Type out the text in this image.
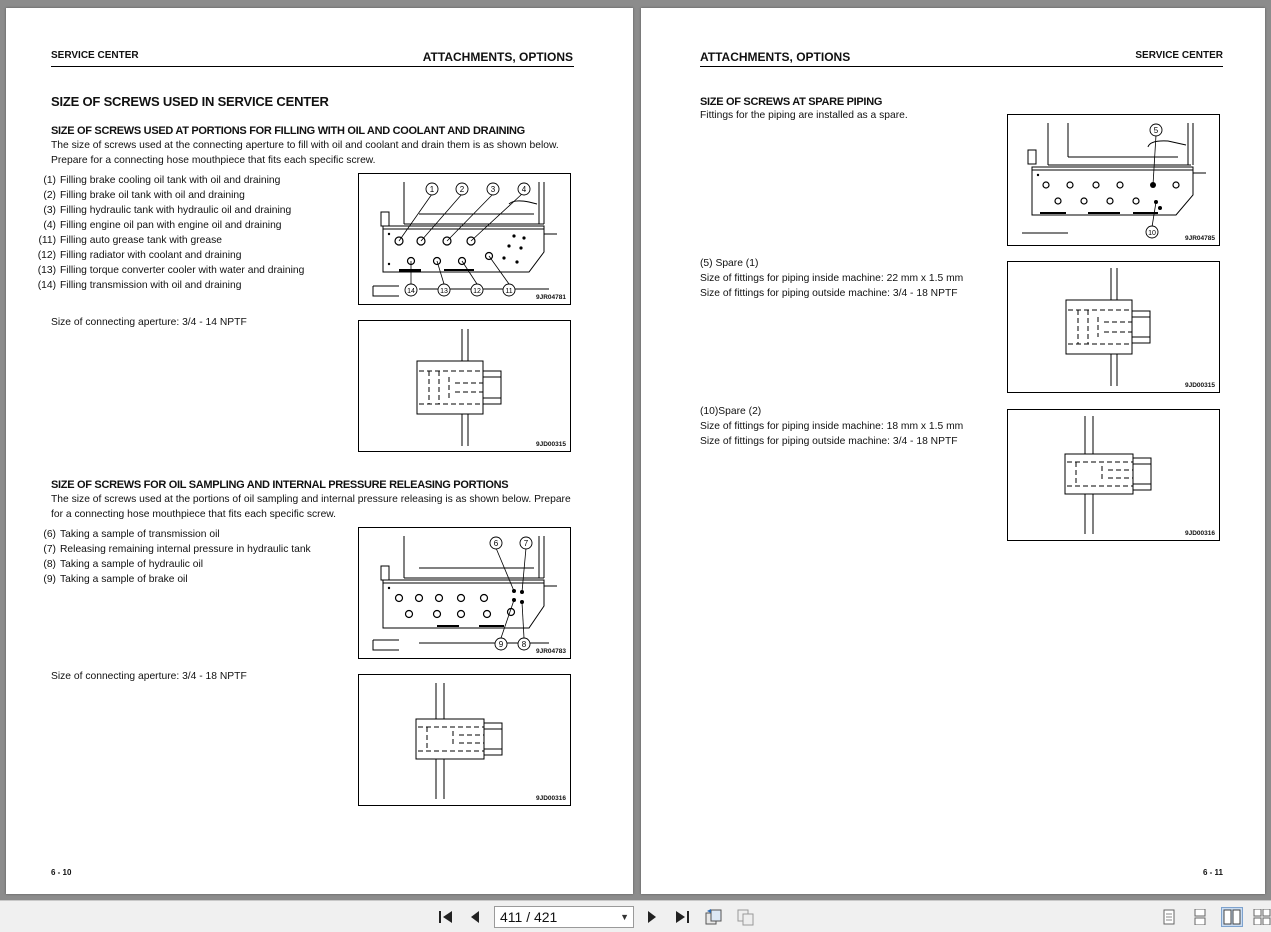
SERVICE CENTER	ATTACHMENTS, OPTIONS
SIZE OF SCREWS USED IN SERVICE CENTER
SIZE OF SCREWS USED AT PORTIONS FOR FILLING WITH OIL AND COOLANT AND DRAINING
The size of screws used at the connecting aperture to fill with oil and coolant and drain them is as shown below.
Prepare for a connecting hose mouthpiece that fits each specific screw.
(1) Filling brake cooling oil tank with oil and draining
(2) Filling brake oil tank with oil and draining
(3) Filling hydraulic tank with hydraulic oil and draining
(4) Filling engine oil pan with engine oil and draining
(11) Filling auto grease tank with grease
(12) Filling radiator with coolant and draining
(13) Filling torque converter cooler with water and draining
(14) Filling transmission with oil and draining
1	2	3	4
14	13	12	11
9JR04781
Size of connecting aperture: 3/4 - 14 NPTF
9JD00315
SIZE OF SCREWS FOR OIL SAMPLING AND INTERNAL PRESSURE RELEASING PORTIONS
The size of screws used at the portions of oil sampling and internal pressure releasing is as shown below. Prepare
for a connecting hose mouthpiece that fits each specific screw.
(6) Taking a sample of transmission oil
(7) Releasing remaining internal pressure in hydraulic tank
(8) Taking a sample of hydraulic oil
(9) Taking a sample of brake oil
6	7
9 8
9JR04783
Size of connecting aperture: 3/4 - 18 NPTF
9JD00316
6 - 10
ATTACHMENTS, OPTIONS	SERVICE CENTER
SIZE OF SCREWS AT SPARE PIPING
Fittings for the piping are installed as a spare.
5
10
9JR04785
(5) Spare (1)
Size of fittings for piping inside machine: 22 mm x 1.5 mm
Size of fittings for piping outside machine: 3/4 - 18 NPTF
9JD00315
(10)Spare (2)
Size of fittings for piping inside machine: 18 mm x 1.5 mm
Size of fittings for piping outside machine: 3/4 - 18 NPTF
9JD00316
6 - 11
411 / 421	▼
